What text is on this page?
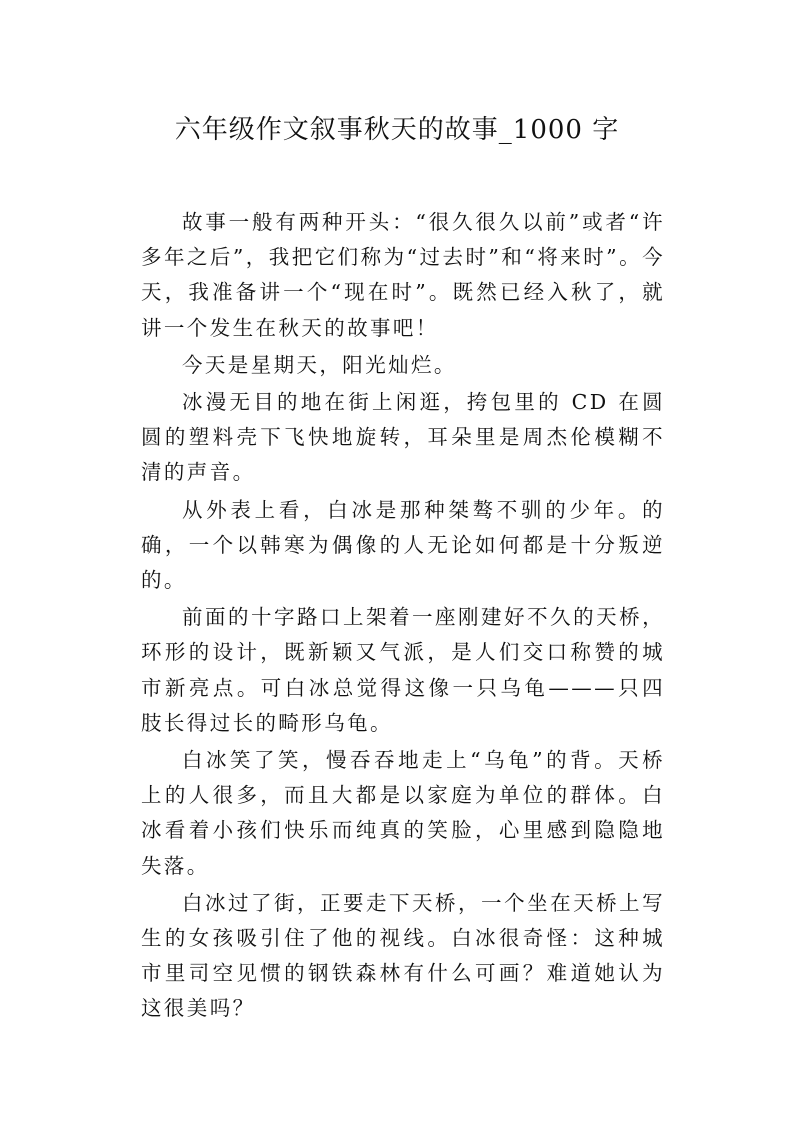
六年级作文叙事秋天的故事_1000 字

故事一般有两种开头：“很久很久以前”或者“许多年之后”，我把它们称为“过去时”和“将来时”。今天，我准备讲一个“现在时”。既然已经入秋了，就讲一个发生在秋天的故事吧！

今天是星期天，阳光灿烂。

冰漫无目的地在街上闲逛，挎包里的 CD 在圆圆的塑料壳下飞快地旋转，耳朵里是周杰伦模糊不清的声音。

从外表上看，白冰是那种桀骜不驯的少年。的确，一个以韩寒为偶像的人无论如何都是十分叛逆的。

前面的十字路口上架着一座刚建好不久的天桥，环形的设计，既新颖又气派，是人们交口称赞的城市新亮点。可白冰总觉得这像一只乌龟———只四肢长得过长的畸形乌龟。

白冰笑了笑，慢吞吞地走上“乌龟”的背。天桥上的人很多，而且大都是以家庭为单位的群体。白冰看着小孩们快乐而纯真的笑脸，心里感到隐隐地失落。

白冰过了街，正要走下天桥，一个坐在天桥上写生的女孩吸引住了他的视线。白冰很奇怪：这种城市里司空见惯的钢铁森林有什么可画？难道她认为这很美吗？
